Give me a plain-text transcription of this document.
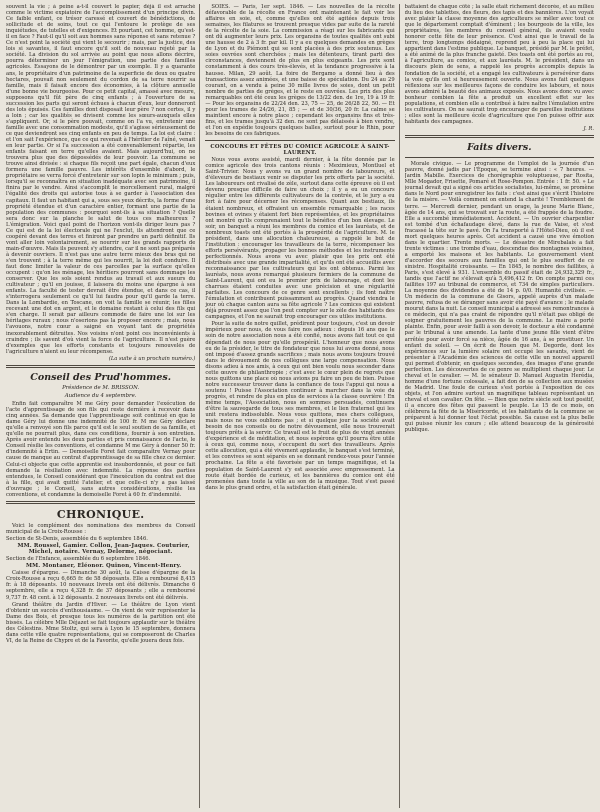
souvent la vie ; à peine a-t-il couvert le papier, déjà il est arraché comme le victime expiatoire de l'accomplissement d'un principe divin. Ce faible enfant, ce trésor caressé et couvert de bénédictions, de sollicitude et de soins, tout ce qui l'entoure le protège de ses inquiétudes, de tutelles et d'exigences. Et pourtant, cet homme, qu'est-il en face ? Faut-il qu'il soit aux hommes sans réponse et sans retenue ? Ce n'est point la société qui vient le secourir ; mais, par la justice, des lois si savantes, il faut encore qu'il soit de nouveau rejeté par la société. La division du sol arrivée au point que nous allons décrire, pourra déterminer un jour l'émigration, une partie des familles agricoles. Essayons de le démontrer par un exemple. Il y a quarante ans, le propriétaire d'un patrimoine de la superficie de deux ou quatre hectares, pouvait non seulement du cordon de sa terre nourrir sa famille, mais il faisait encore des économies, à la clôture annuelle d'une bonne vie bourgeoise. Pour ce petit capital, amassé avec mesure, supposons qu'il fût père de cinq enfants ; à l'ouverture de sa succession les parts qui seront échues à chacun d'eux, leur donneront des lots épuisés. Ces familles dont disposait leur père ? non certes, il y a loin ; car les qualités se divisent comme les sœurs-auxquels elles s'appliquent. Or, si le père pouvait, comme on l'a vu, entretenir une famille avec une consommation modeste, qu'il s'agisse sérieusement de ce que deviendront ses cinq enfants en peu de temps. La loi est claire : et l'on sait l'expérience, que ce qui revenait à l'héritier de l'aîné, venait en leur partie. Or si l'a succession a été convenablement répartie, les enfants faisant en terre qu'elles avaient. Mais aujourd'hui, on ne trouvera plus que des dépossédés de leur pouvoir. La commune se trouve ainsi divisée : si chaque fils reçoit une part égale, chacun d'eux formera une famille pauvre. Les intérêts d'ensemble d'abord, le propriétaire se verra forcé d'entretenir sur son lopin le minimum ; puis, lorsqu'il se reconnaîtra en situation inadéquate avec son patrimoine, il finira par le vendre. Ainsi s'accomplit le morcellement rural, malgré l'égalité des droits qui autorise tous à se garder à l'association des capitaux. Il faut un habitant qui a, sous ses yeux décrits, la forme d'une propriété étendue et d'un caractère entier, formant une partie de la population des communes : pourquoi sont-ils à sa situation ? Quelle sera donc sur la planche le salut de tous ces malheureux ? L'émigration. Voici quel point de l'horizon vont-ils diriger leurs pas ? Ce qui est de la loi électorale qui ne l'exclut, ils attendront que ce coopéré devant des terres et finiront par prendre un parti définitif. Ils vont aller loin volontairement, se nourrir sur les grands rapports de main-d'œuvre. Mais ils peuvent s'y attendre, car il ne sont pas préparés à devenir ouvriers. Il n'est pas une autre terre mieux des bras qui ne s'en trouvent ; à la terre même qui les nourrit, la loi doit conduire. Il faut donc limiter la valeur de ces parcelles par la surface qu'elles occupent : qu'on les ménage, les héritiers pourront sans dommage les conserver. Que les sols soient rendus au travail et aux sueurs du cultivateur ; qu'il en jouisse, il laissera du moins une épargne à ses enfants. La faculté de tester devrait être étendue, et dans ce cas, il s'interrogera seulement ce qu'il lui faudra pour qu'il garde la terre. Dans la Lombardie, en Toscane, on voit la famille se réunir, les filles recevant une dot en argent, et le domaine restant à celui des fils qui s'en charge. Il serait par ailleurs commode de faire une loi sur les héritages ruraux ; nous n'oserions pas la proposer encore ; mais, nous l'avouons, notre cœur a saigné en voyant tant de propriétés inexorablement détruites. Nos voisins n'ont point ces inconvénients à craindre ; ils savent d'où vient la force de l'agriculture. Il n'est guère d'exemples que les efforts constants et toujours renouvelés de l'agriculture n'aient eu leur récompense.

(La suite à un prochain numéro.)

Conseil des Prud'hommes.
Présidence de M. BRISSON.
Audience du 4 septembre.

Enfin fait comparaître M me Géry pour demander l'exécution de l'acte d'apprentissage de son fils qui reste dernière à recevoir dans cinq années. Sa demande que l'apprentissage soit continué en que le dame Géry lui donne une indemnité de 100 fr. M me Géry déclare qu'elle a renvoyé son fils parce qu'il est le seul soutien de sa famille, et qu'elle ne pourrait plus, dans ces conditions, fournir à son entretien. Après avoir entendu les deux parties et pris connaissance de l'acte, le Conseil résilie les conventions, et condamne M me Géry à donner 50 fr. d'indemnité à Ertin. — Demoiselle Foret fait comparaître Vernay pour cause de manque au contrat d'apprentissage de sa fille chez ce dernier. Celui-ci objecte que cette apprentie est insubordonnée, et pour ce fait demande la résiliation avec indemnité. La réponse des parties entendues, le Conseil considérant que l'inexécution du contrat est due à la fille, qui avait quitté l'atelier, et que celle-ci n'y a pas laissé d'ouvrage ; le Conseil, sans autres considérations, résilie les conventions, et condamne la demoiselle Foret à 60 fr. d'indemnité.

CHRONIQUE.

Voici le complément des nominations des membres du Conseil municipal de la Croix-Rousse :

Section de St-Denis, assemblée du 6 septembre 1846.

MM. Roussel, Gamier. Collon, Jean-Jaques. Couturier, Michel, notaire. Vernay, Delorme, négociant.

Section de l'Enfance, assemblée du 6 septembre 1846.

MM. Montaner, Eléonor. Quinon, Vincent-Henry.

Caisse d'épargne. — Dimanche 30 août, la Caisse d'épargne de la Croix-Rousse a reçu 6,665 fr. de 58 déposants. Elle a remboursé 8,415 fr. à 18 déposants. 10 nouveaux livrets ont été délivrés. Dimanche 6 septembre, elle a reçu 4,328 fr. de 37 déposants ; elle a remboursé 9,737 fr. 48 cent. à 12 déposants. 2 nouveaux livrets ont été délivrés.

Grand théâtre du Jardin d'Hiver. — Le théâtre de Lyon vient d'obtenir un succès d'enthousiasme. — On vient de voir représenter la Dame des Bois, et presque tous les numéros de la partition ont été bissés. La célèbre Mlle Déjazet se fait toujours applaudir sur le théâtre des Célestins. Mme Stoltz, qui sera à Lyon le 15 septembre, donnera dans cette ville quatre représentations, qui se composeront de Charles VI, de la Reine de Chypre et de la Favorite, qu'elle jouera deux fois.

SOIES. — Paris, 1er sept. 1846. — Les nouvelles de la récolte défavorable de la récolte en France ont maintenant le fait voir les affaires en soie, et, comme qu'elles ont été agitées depuis trois semaines, les filatures se trouvent presque vides par suite de la rareté de la récolte de la soie. La commission a réagi sur les fabricants qui ont dû augmenter leurs prix. Les organsins de toutes qualités ont subi une hausse de 2 à 3 fr. par kil. Il y a eu quelques demandes en grèges de Lyon et du Piémont qui se sont placées à des prix soutenus. Les soies ouvrées sont cherchées ; mais les détenteurs, tirant parti des circonstances, deviennent de plus en plus exigeants. Les prix sont constamment à des cours très-élevés, et la tendance progressive à la hausse. Milan, 29 août. La foire de Bergamo a donné lieu à des transactions assez animées, et une baisse de spéculation. Du 24 au 29 courant, on a vendu à peine 30 mille livres de soies, dont un petit nombre de parties de grèges, et le reste en ouvrées. Les prix des plus remarquables ont été ceux les grèges de 13/22 den. de 1re, 19 à 19 fr. — Pour les organsins de 22/24 den. 23, 75 — 25, de 26/28 22, 50. — Et pour les trames de 24/26, 21, 85 ; — et de 30/36, 20 fr. La calme se maintient encore à notre place ; cependant les organsins fins et très-fins, et les trames jusqu'à 32 den. ne sont pas délaissés à bien vendre, et l'on en expédie toujours quelques balles, surtout pour le Rhin, pour les besoins de ces fabriques.

CONCOURS ET FÊTES DU COMICE AGRICOLE À SAINT-LAURENT.

Nous vous avons assisté, mardi dernier, à la fête donnée par le comice agricole des trois cantons réunis : Meximieux, Montluel et Saint-Trivier. Nous y avons vu un grand nombre de laboureurs, et d'éleveurs de bestiaux venir se disputer les prix offerts par la société. Les laboureurs ont rivalisé de zèle, surtout dans cette épreuve où il est devenu presque difficile de faire un choix ; il y a eu un concours régulier entre les différents cultivateurs de la contrée, et le jury a eu fort à faire pour décerner les récompenses. Quant aux bestiaux, ils étaient nombreux, et offraient un ensemble remarquable ; les races bovines et ovines y étaient fort bien représentées, et les propriétaires ont montré qu'ils comprenaient tout le bénéfice d'un bon élevage. Le soir, un banquet a réuni les membres du comice et les lauréats, et de nombreux toasts ont été portés à la prospérité de l'agriculture. M. le président, dans une allocution chaleureuse, a rappelé le but de l'institution : encourager les travailleurs de la terre, récompenser les efforts persévérants, propager les bonnes méthodes et les instruments perfectionnés. Nous avons vu avec plaisir que les prix ont été distribués avec une grande impartialité, et qu'ils ont été accueillis avec reconnaissance par les cultivateurs qui les ont obtenus. Parmi les lauréats, nous avons remarqué plusieurs fermiers de la commune de Saint-Laurent, qui ont eu le premier prix de labourage, et dont les charrues étaient conduites avec une précision et une régularité parfaites. Les concours de ce genre sont excellents ; ils font naître l'émulation et contribuent puissamment au progrès. Quand viendra le jour où chaque canton aura sa fête agricole ? Les comices qui existent déjà prouvent assez que l'on peut compter sur le zèle des habitants des campagnes, et l'on ne saurait trop encourager ces utiles institutions.

Pour la suite de notre quillet, prédirent pour toujours, c'est un devoir impérieux pour nous, de vous faire nos adieux : depuis 16 ans que le soin de notre association nous a été confié, nous avons fait tout ce qui dépendait de nous pour qu'elle prospérât. L'honneur que nous avons eu de la présider, le titre de fondateur que nous lui avons donné, nous ont imposé d'assez grands sacrifices ; mais nous avons toujours trouvé dans le dévouement de nos collègues une large compensation. Nous disons adieu à nos amis, à ceux qui ont bien voulu nous seconder dans cette œuvre de philanthropie ; c'est avec le cœur plein de regrets que nous quittons une place où nous avions pu faire un peu de bien. Puisse notre successeur trouver dans la confiance de tous l'appui qui nous a soutenu ! Puisse l'Association continuer à marcher dans la voie du progrès, et rendre de plus en plus de services à la classe ouvrière ! En même temps, l'Association, nous en sommes persuadés, continuera d'être la sauvegarde de tous ses membres, et le lien fraternel qui les unit restera indissoluble. Nous vous quittons, mes chers collègues, mais nous ne vous oublions pas ; et si quelque jour la société avait besoin de nos conseils ou de notre dévouement, elle nous trouverait toujours prêts à la servir. Ce travail est le fruit de plus de vingt années d'expérience et de méditation, et nous espérons qu'il pourra être utile à ceux qui, comme nous, s'occupent du sort des travailleurs. Après cette allocution, qui a été vivement applaudie, le banquet s'est terminé, et les convives se sont séparés en se donnant rendez-vous pour l'année prochaine. La fête a été favorisée par un temps magnifique, et la population de Saint-Laurent s'y est associée avec empressement. La route était bordée de curieux, et les bannières du comice ont été promenées dans toute la ville au son de la musique. Tout s'est passé dans le plus grand ordre, et la satisfaction était générale.

battaient de chaque côté ; la salle était richement décorée, et au milieu du lieu des tablettes, des fleurs, des tapis et des bannières. L'on voyait avec plaisir la classe moyenne des agriculteurs se mêler avec tout ce que le département comptait d'éminent ; les bourgeois de la ville, les propriétaires, les membres du conseil général, ils avaient voulu honorer cette fête de leur présence. C'est ainsi que le travail de la terre, trop longtemps dédaigné, reprend peu à peu la place qui lui appartient dans l'estime publique. Le banquet, présidé par M. le préfet, a été animé de la plus franche gaieté. Des toasts ont été portés au roi, à l'agriculture, au comice, et aux lauréats. M. le président, dans un discours plein de sens, a rappelé les progrès accomplis depuis la fondation de la société, et a engagé les cultivateurs à persévérer dans la voie qu'ils ont si heureusement ouverte. Nous avons fait quelques réflexions sur les meilleures façons de conduire les labours, et nous avons admiré la beauté des animaux exposés. Nous avons donc vu avec bonheur combien la fête a produit un excellent effet sur les populations, et combien elle a contribué à faire naître l'émulation entre les cultivateurs. On ne saurait trop encourager de pareilles institutions ; elles sont la meilleure école d'agriculture que l'on puisse offrir aux habitants des campagnes.

J. R.

Faits divers.

Morale civique. — Le programme de l'emploi de la journée d'un pauvre, donné jadis par l'Époque, se termine ainsi : « 7 heures. — Jardin Mabille. Exercices de chorégraphie voluptueuse, par Rosita, Mlle Mogador, Frisette, Pomaré et Rose-Pompon. Entrée : 1 fr. 50. » Le journal devait qui a signé ces articles socialistes, lui-même, se promène dans le Nord pour enregistrer les faits : c'est ainsi que s'écrit l'histoire de la misère. — Voilà comment on entend la charité ! Tremblement de terre. — Mercredi dernier, pendant un orage, la jeune Marie Blanc, âgée de 14 ans, qui se trouvait sur la route, a été frappée de la foudre. Elle a succombé immédiatement. Accident. — Un ouvrier charpentier est tombé d'un échafaudage élevé, dans la rue de Vaise, et s'est fracassé la tête sur le pavé. On l'a transporté à l'Hôtel-Dieu, où il est mort quelques heures après. Cet accident a causé une vive émotion dans le quartier. Trente morts. — Le désastre de Mirebalais a fait trente victimes : une trombe d'eau, descendue des montagnes voisines, a emporté les maisons et les habitants. Le gouvernement vient d'accorder des secours aux familles qui ont le plus souffert de ce sinistre. Hospitalité croissante. — En 1845, le nombre des faillites, à Paris, s'est élevé à 931. L'ensemble du passif était de 24,932,329 fr., tandis que l'actif ne s'élevait qu'à 5,496,412 fr. On compte parmi ces faillites 197 au tribunal de commerce, et 734 de simples particuliers. La moyenne des dividendes a été de 14 p. 0/0. Humanité civilisée. — Un médecin de la commune de Gisors, appelé auprès d'un malade pauvre, refusa de se déranger sans avoir été payé d'avance ; le malade mourut dans la nuit. Le conseil municipal a adressé ses remontrances à ce médecin, qui n'a pas craint de répondre qu'il n'était pas obligé de soigner gratuitement les pauvres de la commune. Le maire a porté plainte. Enfin, pour avoir failli à son devoir, le docteur a été condamné par le tribunal à une amende. La tante d'une jeune fille vient d'être arrêtée pour avoir forcé sa nièce, âgée de 16 ans, à se prostituer. Un enfant du soleil. — On écrit de Rouen que M. Degorde, dont les expériences sur la lumière solaire ont occupé les savants, vient de présenter à l'Académie des sciences de cette ville un nouvel appareil qui permet d'obtenir, en quelques secondes, des images d'une grande perfection. Les découvertes de ce genre se multiplient chaque jour. Le cheval et le cavalier. — M. le sénateur D. Manuel Augustin Herédia, homme d'une fortune colossale, a fait don de sa collection aux musées de Madrid. Une foule de curieux s'est portée à l'exposition de ces objets, et l'on admire surtout un magnifique tableau représentant un cheval et son cavalier. On fête. — Bien que notre siècle soit tout positif, il a encore des fêtes qui passent le peuple. Le 15 de ce mois, on célébrera la fête de la Miséricorde, et les habitants de la commune se préparent à lui donner tout l'éclat possible. Sa cause est la plus belle qui puisse réunir les cœurs ; elle attend beaucoup de la générosité publique.
